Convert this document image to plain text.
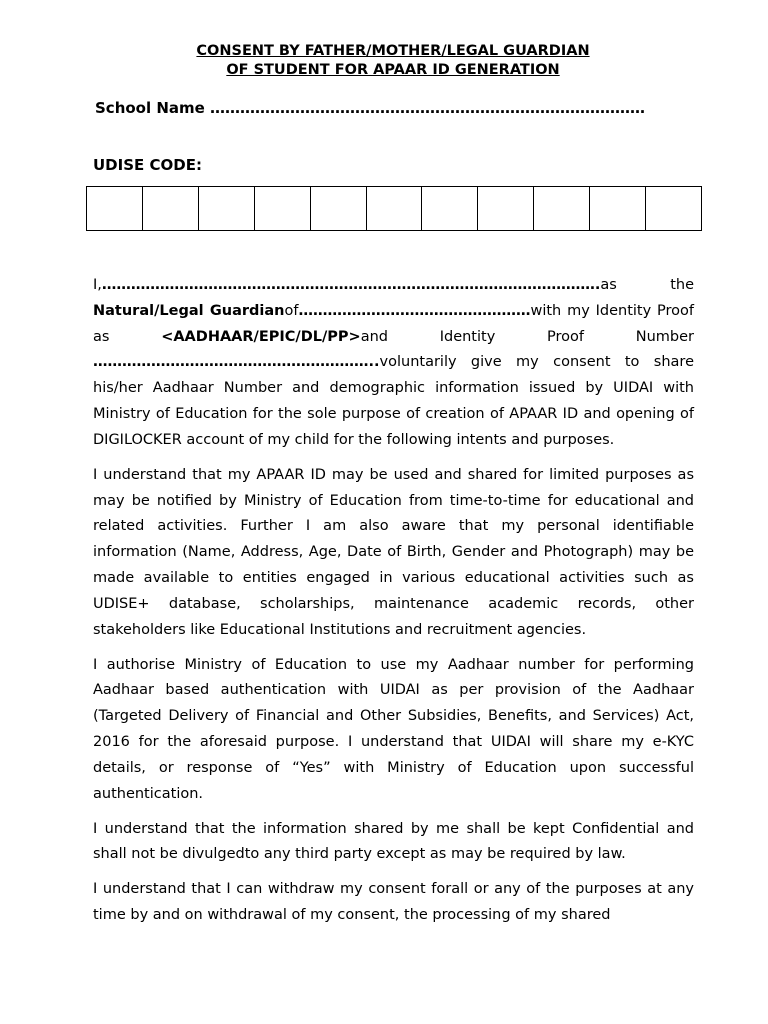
CONSENT BY FATHER/MOTHER/LEGAL GUARDIAN
OF STUDENT FOR APAAR ID GENERATION
School Name ……………………………………………………………………………
UDISE CODE:

I,………………………………………………………………………………………….as the Natural/Legal Guardianof…………………………………………with my Identity Proof as <AADHAAR/EPIC/DL/PP>and Identity Proof Number …………………………………………………..voluntarily give my consent to share his/her Aadhaar Number and demographic information issued by UIDAI with Ministry of Education for the sole purpose of creation of APAAR ID and opening of DIGILOCKER account of my child for the following intents and purposes.

I understand that my APAAR ID may be used and shared for limited purposes as may be notified by Ministry of Education from time-to-time for educational and related activities. Further I am also aware that my personal identifiable information (Name, Address, Age, Date of Birth, Gender and Photograph) may be made available to entities engaged in various educational activities such as UDISE+ database, scholarships, maintenance academic records, other stakeholders like Educational Institutions and recruitment agencies.

I authorise Ministry of Education to use my Aadhaar number for performing Aadhaar based authentication with UIDAI as per provision of the Aadhaar (Targeted Delivery of Financial and Other Subsidies, Benefits, and Services) Act, 2016 for the aforesaid purpose. I understand that UIDAI will share my e-KYC details, or response of “Yes” with Ministry of Education upon successful authentication.

I understand that the information shared by me shall be kept Confidential and shall not be divulgedto any third party except as may be required by law.

I understand that I can withdraw my consent forall or any of the purposes at any time by and on withdrawal of my consent, the processing of my shared
